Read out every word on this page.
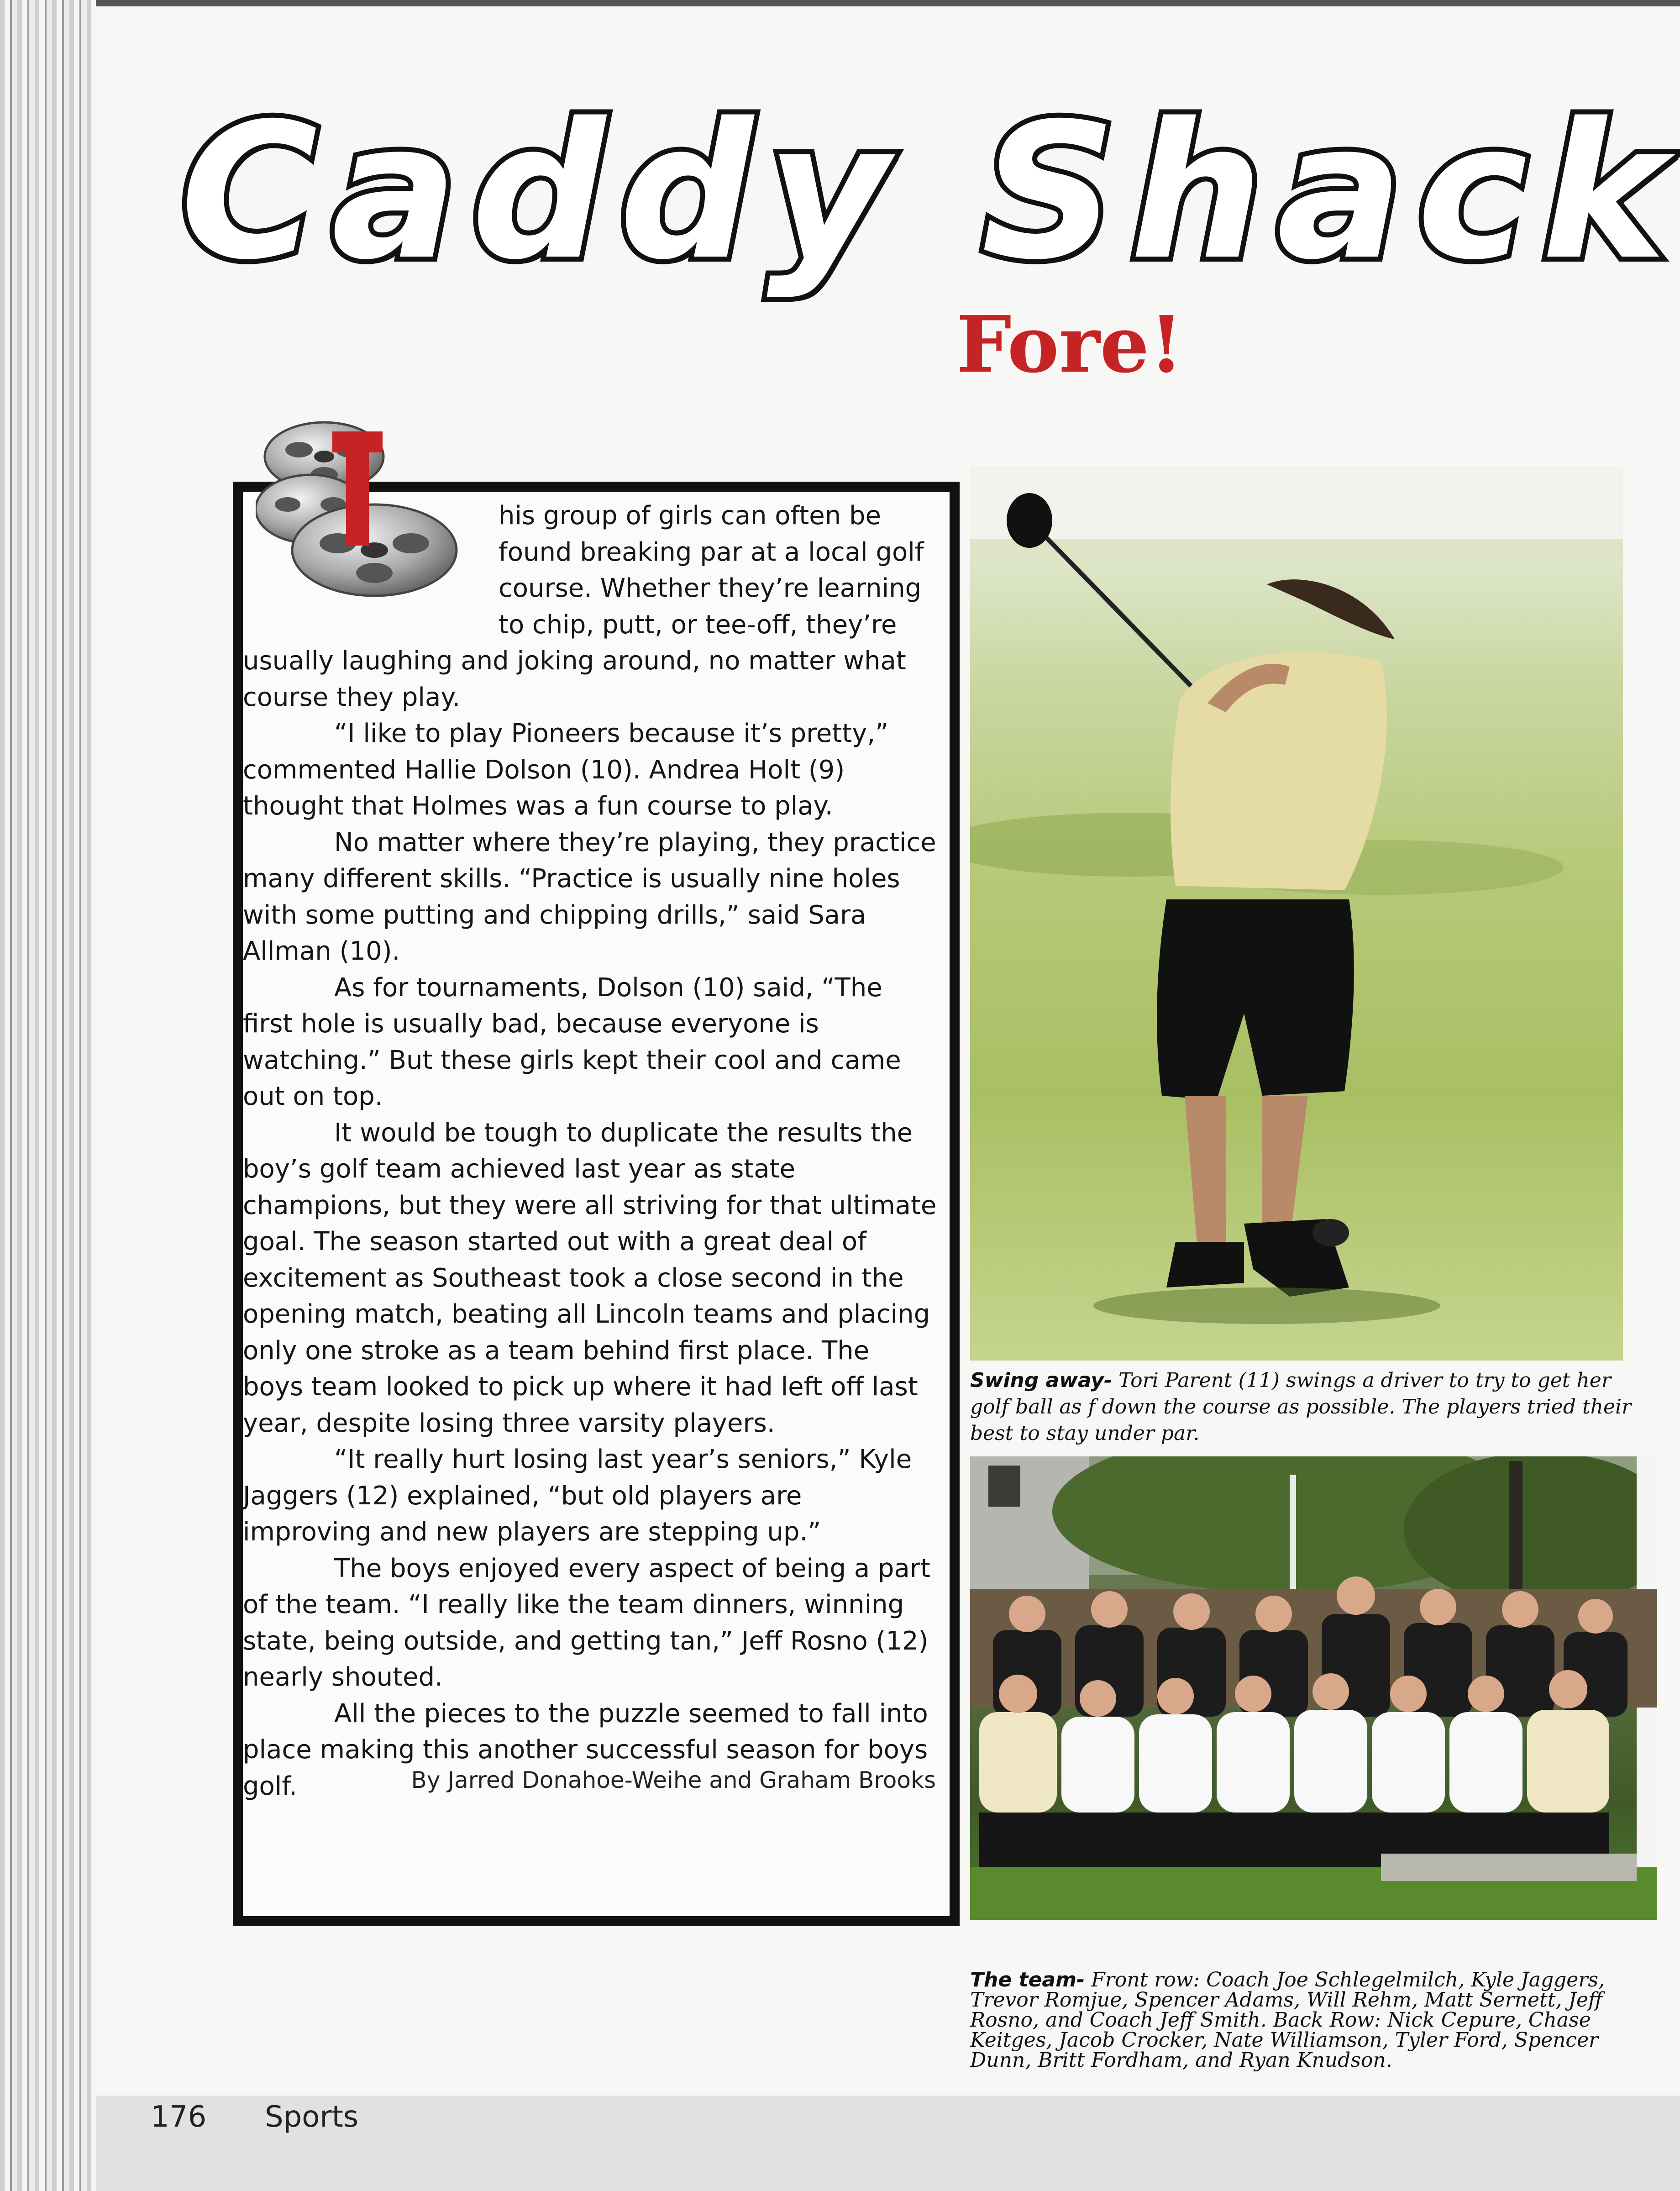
Caddy Shack
Fore!

his group of girls can often be found breaking par at a local golf course. Whether they’re learning to chip, putt, or tee-off, they’re usually laughing and joking around, no matter what course they play.

“I like to play Pioneers because it’s pretty,” commented Hallie Dolson (10). Andrea Holt (9) thought that Holmes was a fun course to play.

No matter where they’re playing, they practice many different skills. “Practice is usually nine holes with some putting and chipping drills,” said Sara Allman (10).

As for tournaments, Dolson (10) said, “The first hole is usually bad, because everyone is watching.” But these girls kept their cool and came out on top.

It would be tough to duplicate the results the boy’s golf team achieved last year as state champions, but they were all striving for that ultimate goal. The season started out with a great deal of excitement as Southeast took a close second in the opening match, beating all Lincoln teams and placing only one stroke as a team behind first place. The boys team looked to pick up where it had left off last year, despite losing three varsity players.

“It really hurt losing last year’s seniors,” Kyle Jaggers (12) explained, “but old players are improving and new players are stepping up.”

The boys enjoyed every aspect of being a part of the team. “I really like the team dinners, winning state, being outside, and getting tan,” Jeff Rosno (12) nearly shouted.

All the pieces to the puzzle seemed to fall into place making this another successful season for boys golf.	By Jarred Donahoe-Weihe and Graham Brooks
Swing away- Tori Parent (11) swings a driver to try to get her golf ball as f down the course as possible. The players tried their best to stay under par.
The team- Front row: Coach Joe Schlegelmilch, Kyle Jaggers, Trevor Romjue, Spencer Adams, Will Rehm, Matt Sernett, Jeff Rosno, and Coach Jeff Smith. Back Row: Nick Cepure, Chase Keitges, Jacob Crocker, Nate Williamson, Tyler Ford, Spencer Dunn, Britt Fordham, and Ryan Knudson.
176 Sports
